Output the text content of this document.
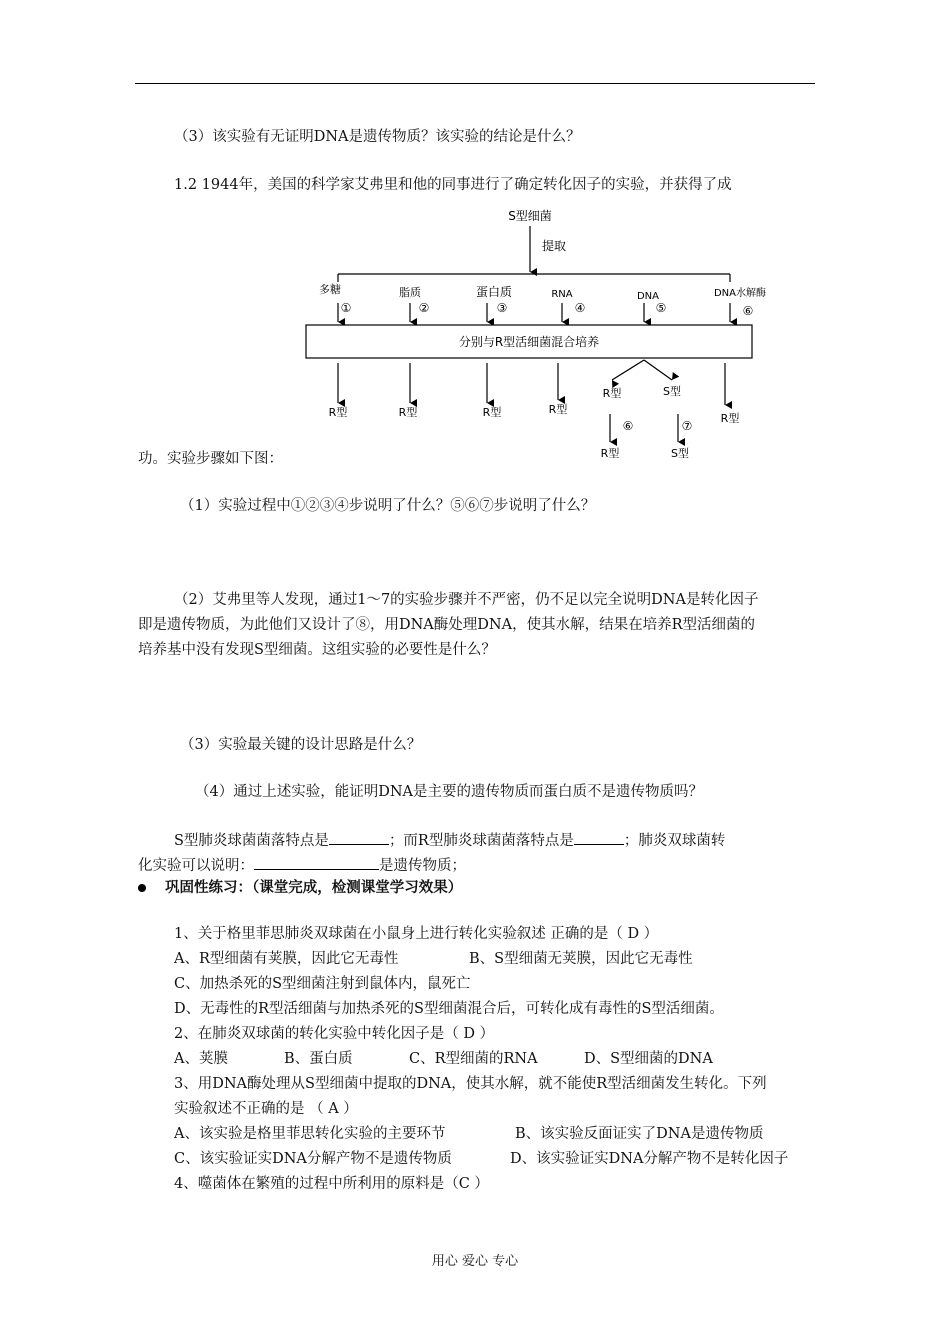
（3）该实验有无证明DNA是遗传物质？该实验的结论是什么？
1.2 1944年，美国的科学家艾弗里和他的同事进行了确定转化因子的实验，并获得了成
S型细菌
提取
多糖	脂质	蛋白质	RNA	DNA	DNA水解酶
①	②	③	④	⑤	⑥
分别与R型活细菌混合培养
R型	R型	R型	R型
R型	S型
R型
⑥	⑦
R型	S型
功。实验步骤如下图：
（1）实验过程中①②③④步说明了什么？⑤⑥⑦步说明了什么？
（2）艾弗里等人发现，通过1～7的实验步骤并不严密，仍不足以完全说明DNA是转化因子
即是遗传物质，为此他们又设计了⑧，用DNA酶处理DNA，使其水解，结果在培养R型活细菌的
培养基中没有发现S型细菌。这组实验的必要性是什么？
（3）实验最关键的设计思路是什么？
（4）通过上述实验，能证明DNA是主要的遗传物质而蛋白质不是遗传物质吗？
S型肺炎球菌菌落特点是	；而R型肺炎球菌菌落特点是	；肺炎双球菌转
化实验可以说明：	是遗传物质；
巩固性练习：（课堂完成，检测课堂学习效果）
1、关于格里菲思肺炎双球菌在小鼠身上进行转化实验叙述 正确的是（ D ）
A、R型细菌有荚膜，因此它无毒性	B、S型细菌无荚膜，因此它无毒性
C、加热杀死的S型细菌注射到鼠体内，鼠死亡
D、无毒性的R型活细菌与加热杀死的S型细菌混合后，可转化成有毒性的S型活细菌。
2、在肺炎双球菌的转化实验中转化因子是（ D ）
A、荚膜	B、蛋白质	C、R型细菌的RNA	D、S型细菌的DNA
3、用DNA酶处理从S型细菌中提取的DNA，使其水解，就不能使R型活细菌发生转化。下列
实验叙述不正确的是 （ A ）
A、该实验是格里菲思转化实验的主要环节	B、该实验反面证实了DNA是遗传物质
C、该实验证实DNA分解产物不是遗传物质	D、该实验证实DNA分解产物不是转化因子
4、噬菌体在繁殖的过程中所利用的原料是（C ）
用心 爱心 专心
